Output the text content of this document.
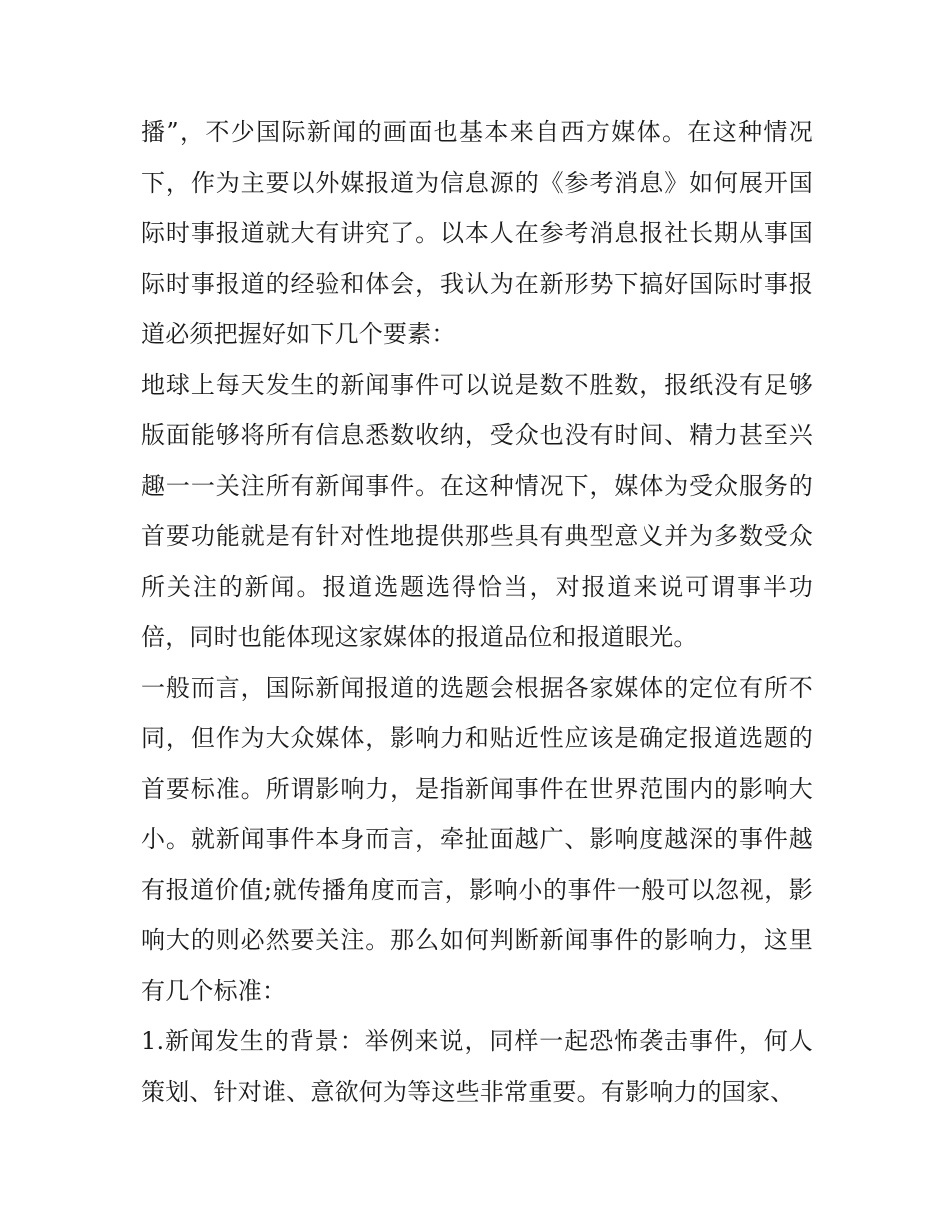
播”，不少国际新闻的画面也基本来自西方媒体。在这种情况下，作为主要以外媒报道为信息源的《参考消息》如何展开国际时事报道就大有讲究了。以本人在参考消息报社长期从事国际时事报道的经验和体会，我认为在新形势下搞好国际时事报道必须把握好如下几个要素：

地球上每天发生的新闻事件可以说是数不胜数，报纸没有足够版面能够将所有信息悉数收纳，受众也没有时间、精力甚至兴趣一一关注所有新闻事件。在这种情况下，媒体为受众服务的首要功能就是有针对性地提供那些具有典型意义并为多数受众所关注的新闻。报道选题选得恰当，对报道来说可谓事半功倍，同时也能体现这家媒体的报道品位和报道眼光。

一般而言，国际新闻报道的选题会根据各家媒体的定位有所不同，但作为大众媒体，影响力和贴近性应该是确定报道选题的首要标准。所谓影响力，是指新闻事件在世界范围内的影响大小。就新闻事件本身而言，牵扯面越广、影响度越深的事件越有报道价值;就传播角度而言，影响小的事件一般可以忽视，影响大的则必然要关注。那么如何判断新闻事件的影响力，这里有几个标准：

1.新闻发生的背景：举例来说，同样一起恐怖袭击事件，何人策划、针对谁、意欲何为等这些非常重要。有影响力的国家、
